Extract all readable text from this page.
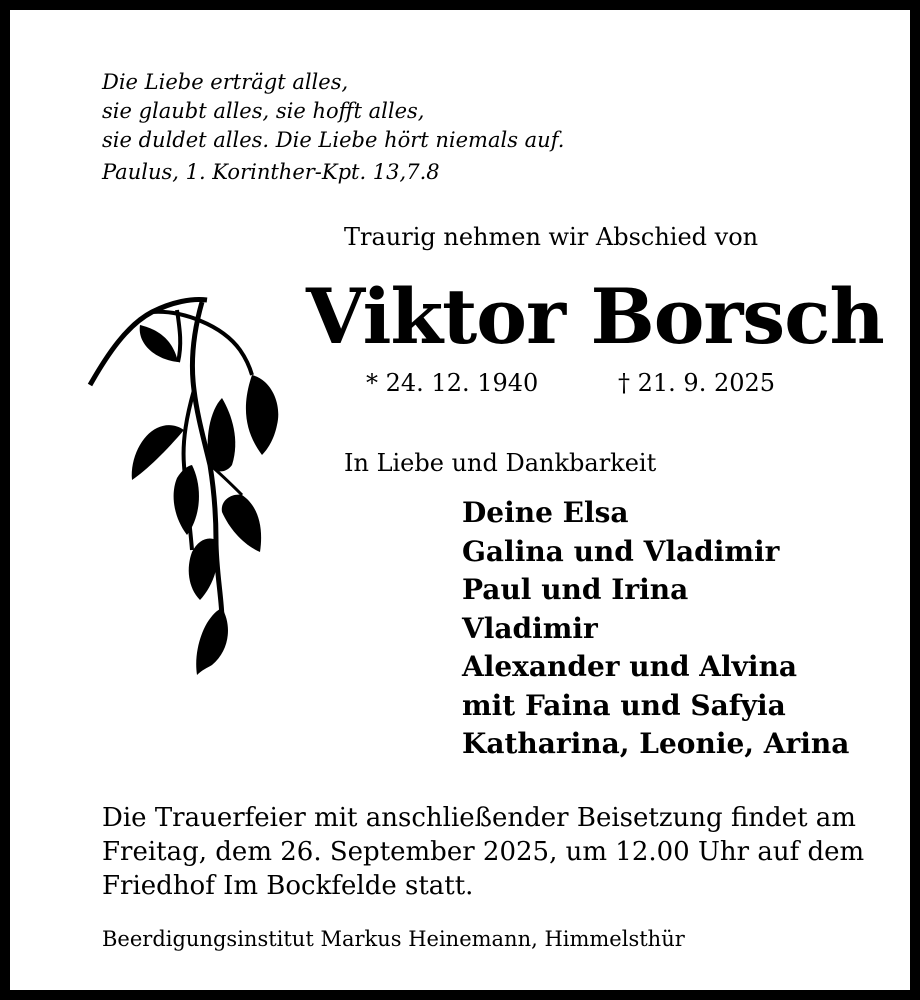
Die Liebe erträgt alles,
sie glaubt alles, sie hofft alles,
sie duldet alles. Die Liebe hört niemals auf.
Paulus, 1. Korinther-Kpt. 13,7.8
Traurig nehmen wir Abschied von
Viktor Borsch
* 24. 12. 1940	† 21. 9. 2025
In Liebe und Dankbarkeit
Deine Elsa
Galina und Vladimir
Paul und Irina
Vladimir
Alexander und Alvina
mit Faina und Safyia
Katharina, Leonie, Arina
Die Trauerfeier mit anschließender Beisetzung findet am
Freitag, dem 26. September 2025, um 12.00 Uhr auf dem
Friedhof Im Bockfelde statt.
Beerdigungsinstitut Markus Heinemann, Himmelsthür
